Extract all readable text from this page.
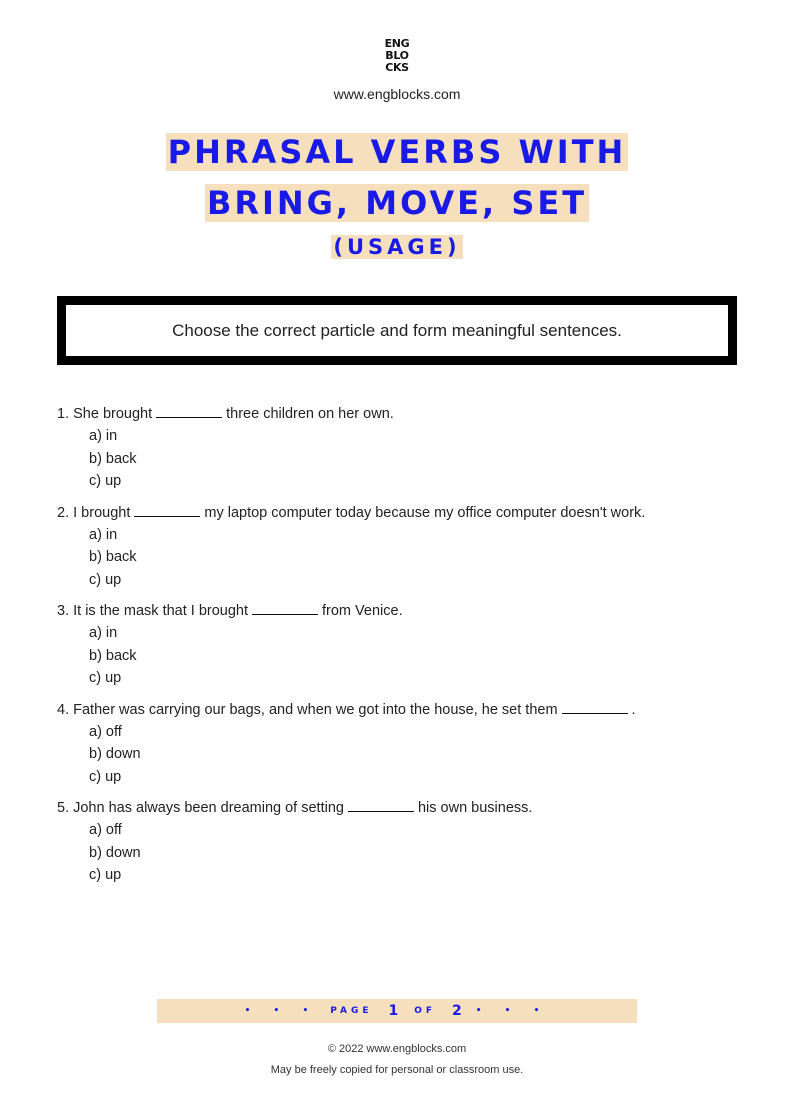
ENG
BLO
CKS
www.engblocks.com
PHRASAL VERBS WITH
BRING, MOVE, SET
(USAGE)
Choose the correct particle and form meaningful sentences.
1. She brought	three children on her own.
a) in
b) back
c) up
2. I brought	my laptop computer today because my office computer doesn't work.
a) in
b) back
c) up
3. It is the mask that I brought	from Venice.
a) in
b) back
c) up
4. Father was carrying our bags, and when we got into the house, he set them	.
a) off
b) down
c) up
5. John has always been dreaming of setting	his own business.
a) off
b) down
c) up
• • • PAGE 1 OF 2 • • •
© 2022 www.engblocks.com
May be freely copied for personal or classroom use.
